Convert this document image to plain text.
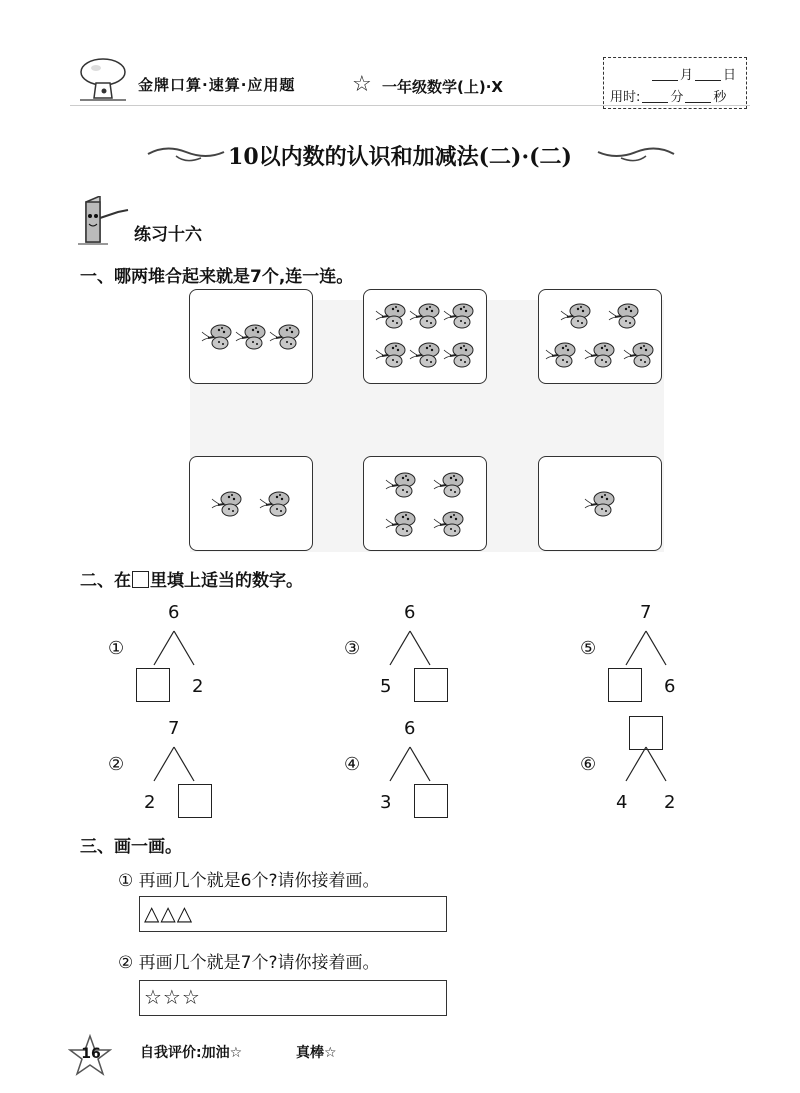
金牌口算·速算·应用题	☆ 一年级数学(上)·X
月 日
用时: 分 秒
10以内数的认识和加减法(二)·(二)
练习十六
一、哪两堆合起来就是7个,连一连。
二、在 里填上适当的数字。
①
6
2
②
7
2
③
6
5
④
6
3
⑤
7
6
⑥
4 2
三、画一画。
① 再画几个就是6个?请你接着画。
△△△
② 再画几个就是7个?请你接着画。
☆☆☆
16	自我评价:加油☆	真棒☆
